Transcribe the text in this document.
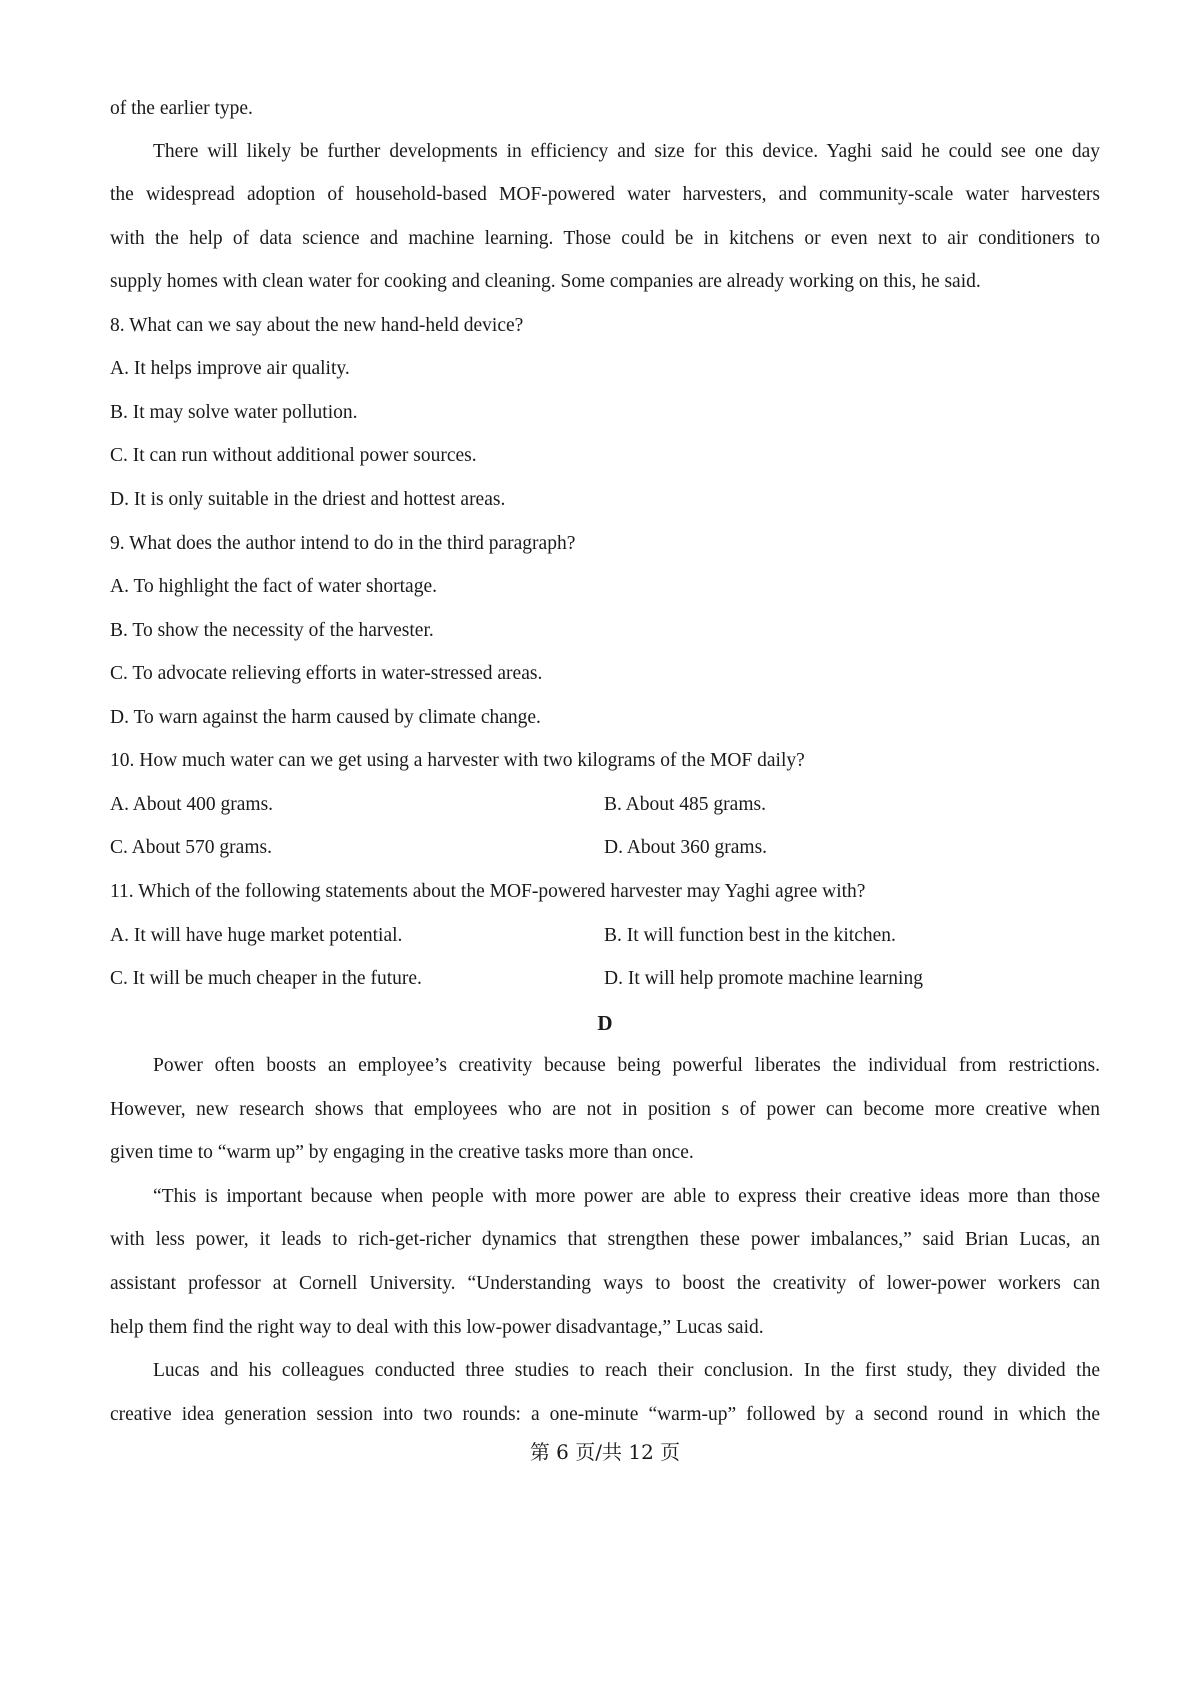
of the earlier type.
There will likely be further developments in efficiency and size for this device. Yaghi said he could see one day
the widespread adoption of household-based MOF-powered water harvesters, and community-scale water harvesters
with the help of data science and machine learning. Those could be in kitchens or even next to air conditioners to
supply homes with clean water for cooking and cleaning. Some companies are already working on this, he said.
8. What can we say about the new hand-held device?
A. It helps improve air quality.
B. It may solve water pollution.
C. It can run without additional power sources.
D. It is only suitable in the driest and hottest areas.
9. What does the author intend to do in the third paragraph?
A. To highlight the fact of water shortage.
B. To show the necessity of the harvester.
C. To advocate relieving efforts in water-stressed areas.
D. To warn against the harm caused by climate change.
10. How much water can we get using a harvester with two kilograms of the MOF daily?
A. About 400 grams.	B. About 485 grams.
C. About 570 grams.	D. About 360 grams.
11. Which of the following statements about the MOF-powered harvester may Yaghi agree with?
A. It will have huge market potential.	B. It will function best in the kitchen.
C. It will be much cheaper in the future.	D. It will help promote machine learning
D
Power often boosts an employee’s creativity because being powerful liberates the individual from restrictions.
However, new research shows that employees who are not in position s of power can become more creative when
given time to “warm up” by engaging in the creative tasks more than once.
“This is important because when people with more power are able to express their creative ideas more than those
with less power, it leads to rich-get-richer dynamics that strengthen these power imbalances,” said Brian Lucas, an
assistant professor at Cornell University. “Understanding ways to boost the creativity of lower-power workers can
help them find the right way to deal with this low-power disadvantage,” Lucas said.
Lucas and his colleagues conducted three studies to reach their conclusion. In the first study, they divided the
creative idea generation session into two rounds: a one-minute “warm-up” followed by a second round in which the
第 6 页/共 12 页
